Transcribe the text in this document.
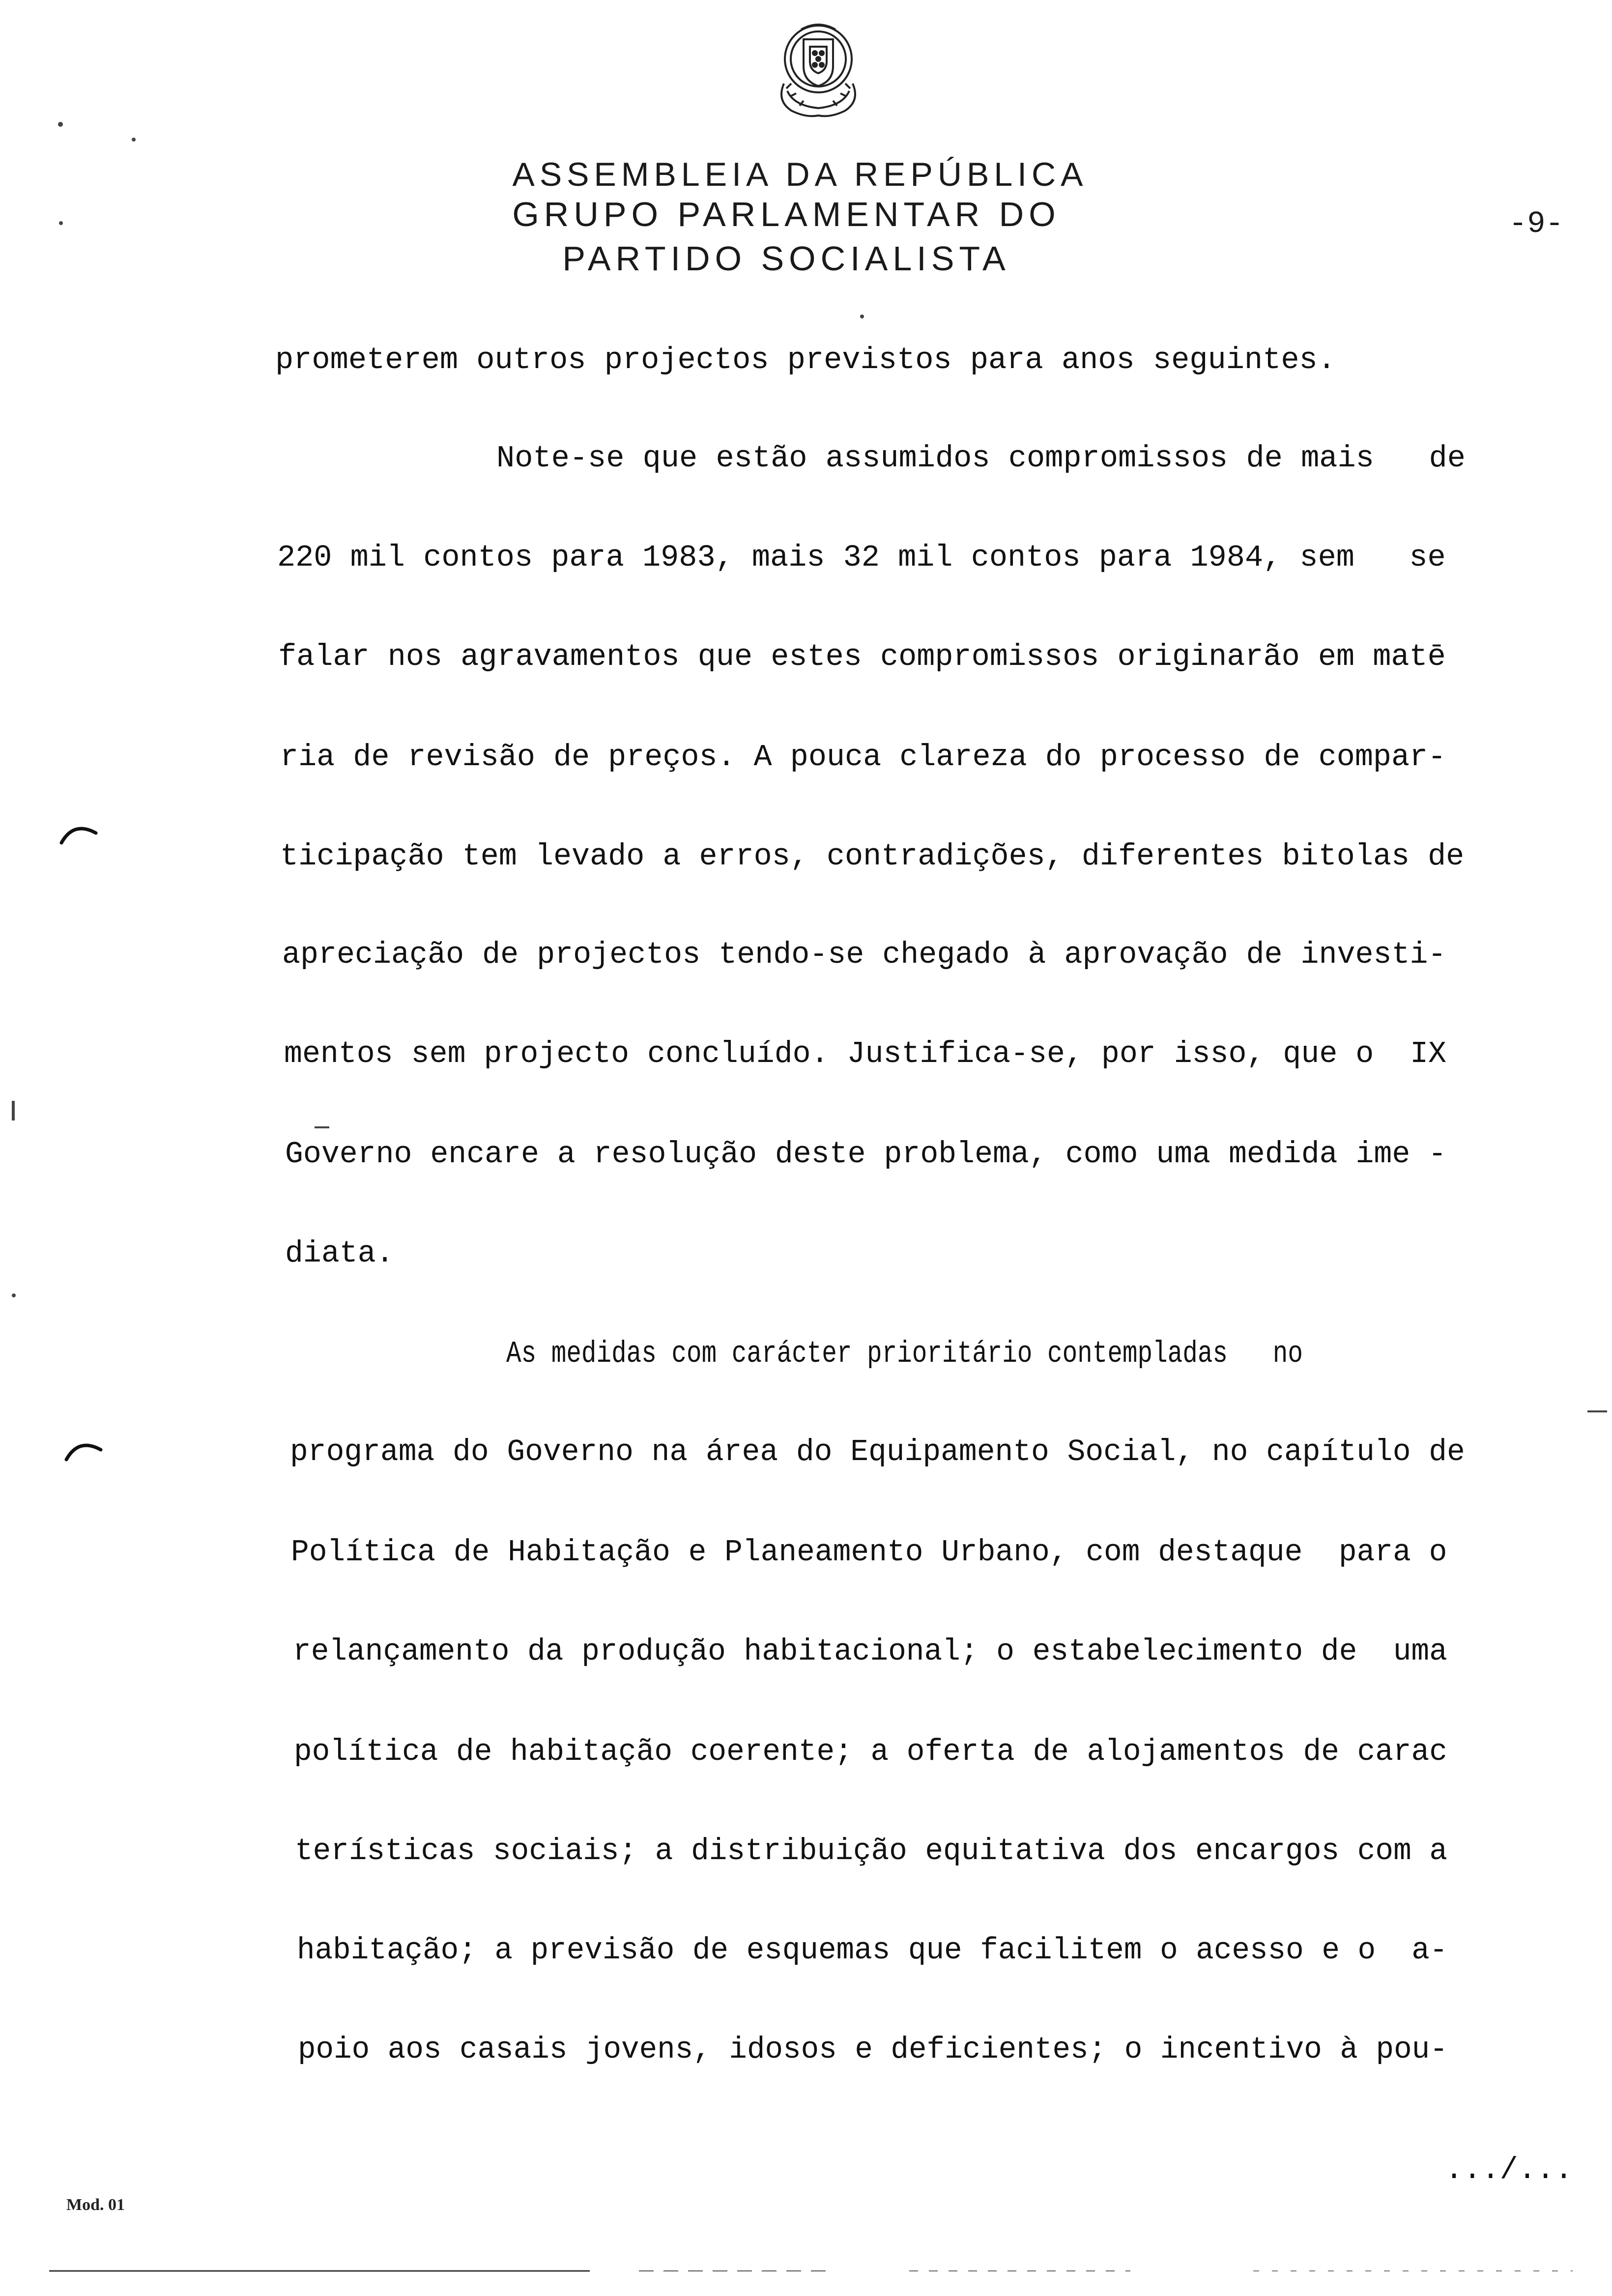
ASSEMBLEIA DA REPÚBLICA
GRUPO PARLAMENTAR DO
PARTIDO SOCIALISTA
-9-
prometerem outros projectos previstos para anos seguintes.
Note-se que estão assumidos compromissos de mais   de
220 mil contos para 1983, mais 32 mil contos para 1984, sem   se
falar nos agravamentos que estes compromissos originarão em matē
ria de revisão de preços. A pouca clareza do processo de compar-
ticipação tem levado a erros, contradições, diferentes bitolas de
apreciação de projectos tendo-se chegado à aprovação de investi-
mentos sem projecto concluído. Justifica-se, por isso, que o  IX
Governo encare a resolução deste problema, como uma medida ime -
diata.
As medidas com carácter prioritário contempladas   no
programa do Governo na área do Equipamento Social, no capítulo de
Política de Habitação e Planeamento Urbano, com destaque  para o
relançamento da produção habitacional; o estabelecimento de  uma
política de habitação coerente; a oferta de alojamentos de carac
terísticas sociais; a distribuição equitativa dos encargos com a
habitação; a previsão de esquemas que facilitem o acesso e o  a-
poio aos casais jovens, idosos e deficientes; o incentivo à pou-
.../...
Mod. 01
